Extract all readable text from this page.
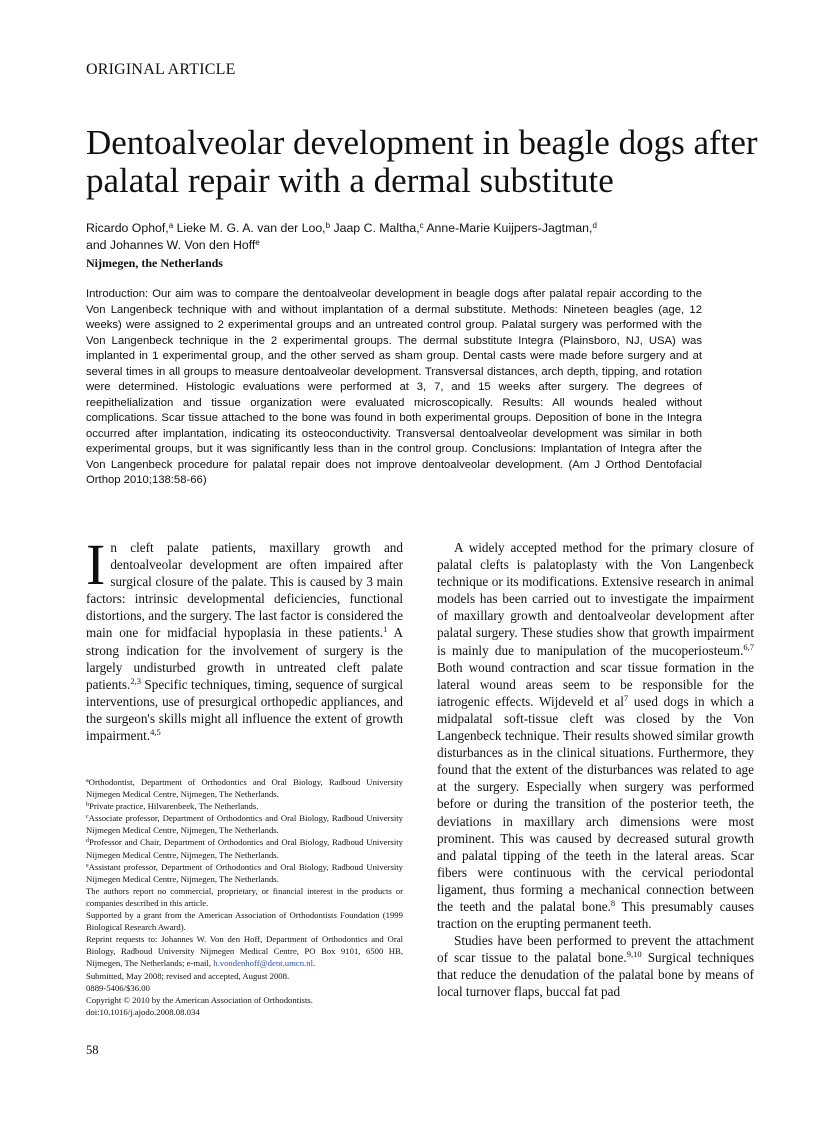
ORIGINAL ARTICLE
Dentoalveolar development in beagle dogs after palatal repair with a dermal substitute
Ricardo Ophof,$^a$ Lieke M. G. A. van der Loo,$^b$ Jaap C. Maltha,$^c$ Anne-Marie Kuijpers-Jagtman,$^d$
and Johannes W. Von den Hoff$^e$
Nijmegen, the Netherlands

Introduction: Our aim was to compare the dentoalveolar development in beagle dogs after palatal repair according to the Von Langenbeck technique with and without implantation of a dermal substitute. Methods: Nineteen beagles (age, 12 weeks) were assigned to 2 experimental groups and an untreated control group. Palatal surgery was performed with the Von Langenbeck technique in the 2 experimental groups. The dermal substitute Integra (Plainsboro, NJ, USA) was implanted in 1 experimental group, and the other served as sham group. Dental casts were made before surgery and at several times in all groups to measure dentoalveolar development. Transversal distances, arch depth, tipping, and rotation were determined. Histologic evaluations were performed at 3, 7, and 15 weeks after surgery. The degrees of reepithelialization and tissue organization were evaluated microscopically. Results: All wounds healed without complications. Scar tissue attached to the bone was found in both experimental groups. Deposition of bone in the Integra occurred after implantation, indicating its osteoconductivity. Transversal dentoalveolar development was similar in both experimental groups, but it was significantly less than in the control group. Conclusions: Implantation of Integra after the Von Langenbeck procedure for palatal repair does not improve dentoalveolar development. (Am J Orthod Dentofacial Orthop 2010;138:58-66)

In cleft palate patients, maxillary growth and dentoalveolar development are often impaired after surgical closure of the palate. This is caused by 3 main factors: intrinsic developmental deficiencies, functional distortions, and the surgery. The last factor is considered the main one for midfacial hypoplasia in these patients.$^1$ A strong indication for the involvement of surgery is the largely undisturbed growth in untreated cleft palate patients.$^{2,3}$ Specific techniques, timing, sequence of surgical interventions, use of presurgical orthopedic appliances, and the surgeon's skills might all influence the extent of growth impairment.$^{4,5}$

$^a$Orthodontist, Department of Orthodontics and Oral Biology, Radboud University Nijmegen Medical Centre, Nijmegen, The Netherlands.

$^b$Private practice, Hilvarenbeek, The Netherlands.

$^c$Associate professor, Department of Orthodontics and Oral Biology, Radboud University Nijmegen Medical Centre, Nijmegen, The Netherlands.

$^d$Professor and Chair, Department of Orthodontics and Oral Biology, Radboud University Nijmegen Medical Centre, Nijmegen, The Netherlands.

$^e$Assistant professor, Department of Orthodontics and Oral Biology, Radboud University Nijmegen Medical Centre, Nijmegen, The Netherlands.

The authors report no commercial, proprietary, or financial interest in the products or companies described in this article.

Supported by a grant from the American Association of Orthodontists Foundation (1999 Biological Research Award).

Reprint requests to: Johannes W. Von den Hoff, Department of Orthodontics and Oral Biology, Radboud University Nijmegen Medical Centre, PO Box 9101, 6500 HB, Nijmegen, The Netherlands; e-mail, h.vondenhoff@dent.umcn.nl.

Submitted, May 2008; revised and accepted, August 2008.

0889-5406/$36.00

Copyright © 2010 by the American Association of Orthodontists.

doi:10.1016/j.ajodo.2008.08.034

A widely accepted method for the primary closure of palatal clefts is palatoplasty with the Von Langenbeck technique or its modifications. Extensive research in animal models has been carried out to investigate the impairment of maxillary growth and dentoalveolar development after palatal surgery. These studies show that growth impairment is mainly due to manipulation of the mucoperiosteum.$^{6,7}$ Both wound contraction and scar tissue formation in the lateral wound areas seem to be responsible for the iatrogenic effects. Wijdeveld et $al^7$ used dogs in which a midpalatal soft-tissue cleft was closed by the Von Langenbeck technique. Their results showed similar growth disturbances as in the clinical situations. Furthermore, they found that the extent of the disturbances was related to age at the surgery. Especially when surgery was performed before or during the transition of the posterior teeth, the deviations in maxillary arch dimensions were most prominent. This was caused by decreased sutural growth and palatal tipping of the teeth in the lateral areas. Scar fibers were continuous with the cervical periodontal ligament, thus forming a mechanical connection between the teeth and the palatal bone.$^8$ This presumably causes traction on the erupting permanent teeth.

Studies have been performed to prevent the attachment of scar tissue to the palatal bone.$^{9,10}$ Surgical techniques that reduce the denudation of the palatal bone by means of local turnover flaps, buccal fat pad

58
